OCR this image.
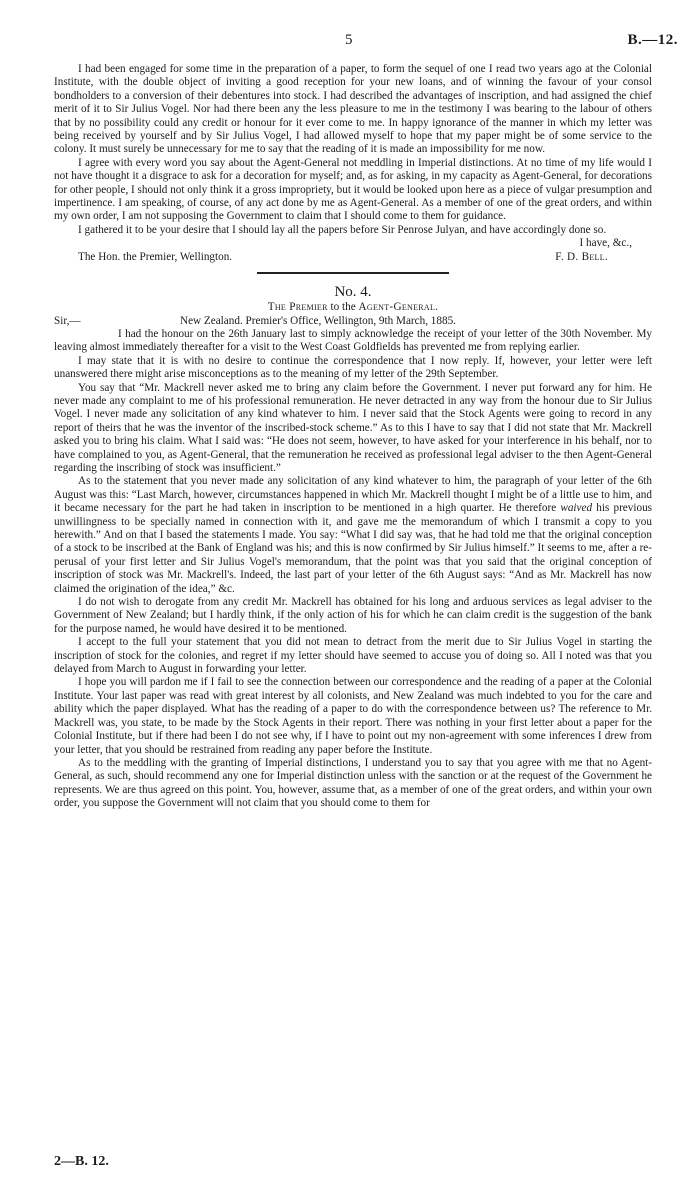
5	B.—12.

I had been engaged for some time in the preparation of a paper, to form the sequel of one I read two years ago at the Colonial Institute, with the double object of inviting a good reception for your new loans, and of winning the favour of your consol bondholders to a conversion of their debentures into stock. I had described the advantages of inscription, and had assigned the chief merit of it to Sir Julius Vogel. Nor had there been any the less pleasure to me in the testimony I was bearing to the labour of others that by no possibility could any credit or honour for it ever come to me. In happy ignorance of the manner in which my letter was being received by yourself and by Sir Julius Vogel, I had allowed myself to hope that my paper might be of some service to the colony. It must surely be unnecessary for me to say that the reading of it is made an impossibility for me now.

I agree with every word you say about the Agent-General not meddling in Imperial distinctions. At no time of my life would I not have thought it a disgrace to ask for a decoration for myself; and, as for asking, in my capacity as Agent-General, for decorations for other people, I should not only think it a gross impropriety, but it would be looked upon here as a piece of vulgar presumption and impertinence. I am speaking, of course, of any act done by me as Agent-General. As a member of one of the great orders, and within my own order, I am not supposing the Government to claim that I should come to them for guidance.

I gathered it to be your desire that I should lay all the papers before Sir Penrose Julyan, and have accordingly done so.

I have, &c.,
The Hon. the Premier, Wellington.	F. D. Bell.
No. 4.
The Premier to the Agent-General.
Sir,—	New Zealand. Premier's Office, Wellington, 9th March, 1885.

I had the honour on the 26th January last to simply acknowledge the receipt of your letter of the 30th November. My leaving almost immediately thereafter for a visit to the West Coast Goldfields has prevented me from replying earlier.

I may state that it is with no desire to continue the correspondence that I now reply. If, however, your letter were left unanswered there might arise misconceptions as to the meaning of my letter of the 29th September.

You say that “Mr. Mackrell never asked me to bring any claim before the Government. I never put forward any for him. He never made any complaint to me of his professional remuneration. He never detracted in any way from the honour due to Sir Julius Vogel. I never made any solicitation of any kind whatever to him. I never said that the Stock Agents were going to record in any report of theirs that he was the inventor of the inscribed-stock scheme.” As to this I have to say that I did not state that Mr. Mackrell asked you to bring his claim. What I said was: “He does not seem, however, to have asked for your interference in his behalf, nor to have complained to you, as Agent-General, that the remuneration he received as professional legal adviser to the then Agent-General regarding the inscribing of stock was insufficient.”

As to the statement that you never made any solicitation of any kind whatever to him, the paragraph of your letter of the 6th August was this: “Last March, however, circumstances happened in which Mr. Mackrell thought I might be of a little use to him, and it became necessary for the part he had taken in inscription to be mentioned in a high quarter. He therefore waived his previous unwillingness to be specially named in connection with it, and gave me the memorandum of which I transmit a copy to you herewith.” And on that I based the statements I made. You say: “What I did say was, that he had told me that the original conception of a stock to be inscribed at the Bank of England was his; and this is now confirmed by Sir Julius himself.” It seems to me, after a re-perusal of your first letter and Sir Julius Vogel's memorandum, that the point was that you said that the original conception of inscription of stock was Mr. Mackrell's. Indeed, the last part of your letter of the 6th August says: “And as Mr. Mackrell has now claimed the origination of the idea,” &c.

I do not wish to derogate from any credit Mr. Mackrell has obtained for his long and arduous services as legal adviser to the Government of New Zealand; but I hardly think, if the only action of his for which he can claim credit is the suggestion of the bank for the purpose named, he would have desired it to be mentioned.

I accept to the full your statement that you did not mean to detract from the merit due to Sir Julius Vogel in starting the inscription of stock for the colonies, and regret if my letter should have seemed to accuse you of doing so. All I noted was that you delayed from March to August in forwarding your letter.

I hope you will pardon me if I fail to see the connection between our correspondence and the reading of a paper at the Colonial Institute. Your last paper was read with great interest by all colonists, and New Zealand was much indebted to you for the care and ability which the paper displayed. What has the reading of a paper to do with the correspondence between us? The reference to Mr. Mackrell was, you state, to be made by the Stock Agents in their report. There was nothing in your first letter about a paper for the Colonial Institute, but if there had been I do not see why, if I have to point out my non-agreement with some inferences I drew from your letter, that you should be restrained from reading any paper before the Institute.

As to the meddling with the granting of Imperial distinctions, I understand you to say that you agree with me that no Agent-General, as such, should recommend any one for Imperial distinction unless with the sanction or at the request of the Government he represents. We are thus agreed on this point. You, however, assume that, as a member of one of the great orders, and within your own order, you suppose the Government will not claim that you should come to them for

2—B. 12.
